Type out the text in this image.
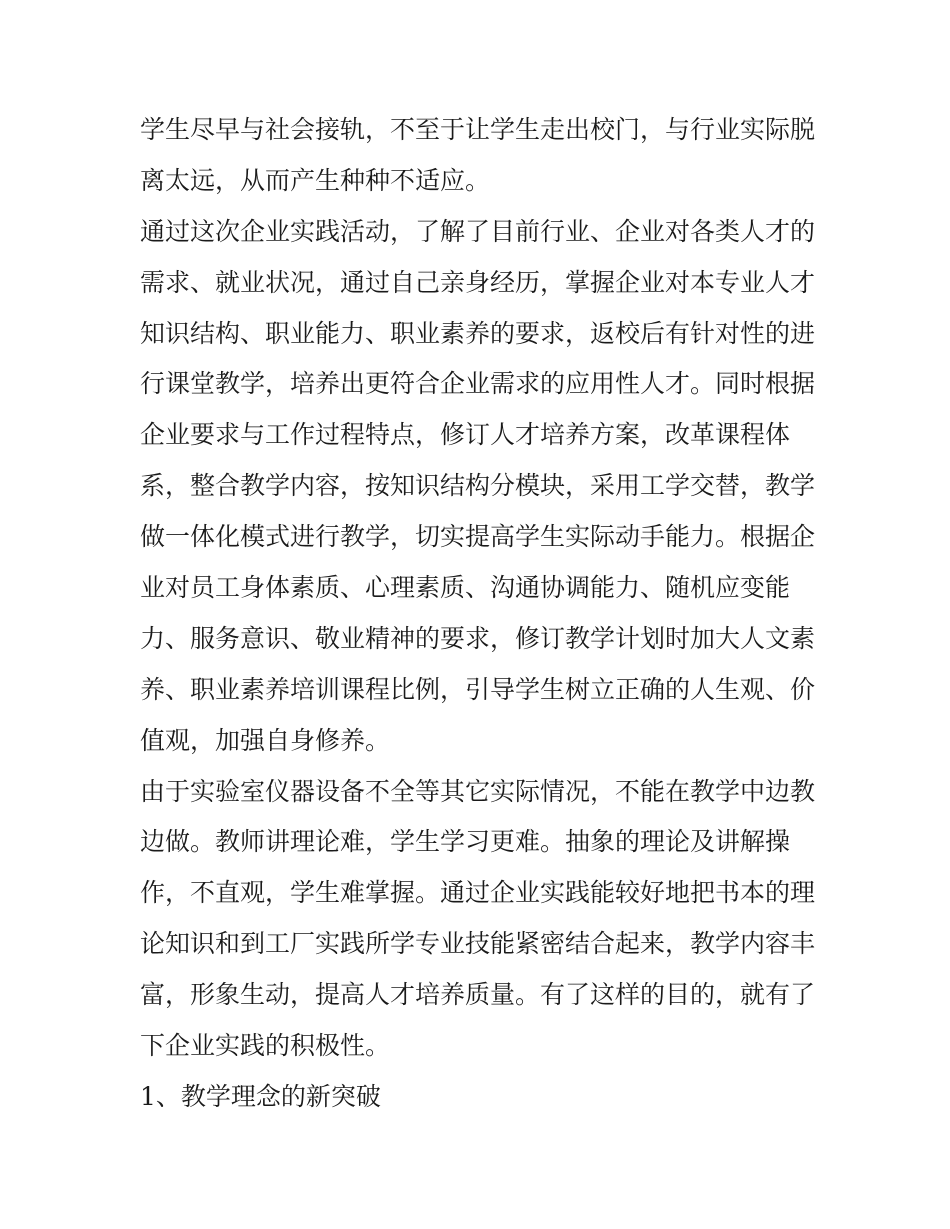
学生尽早与社会接轨，不至于让学生走出校门，与行业实际脱
离太远，从而产生种种不适应。
通过这次企业实践活动，了解了目前行业、企业对各类人才的
需求、就业状况，通过自己亲身经历，掌握企业对本专业人才
知识结构、职业能力、职业素养的要求，返校后有针对性的进
行课堂教学，培养出更符合企业需求的应用性人才。同时根据
企业要求与工作过程特点，修订人才培养方案，改革课程体
系，整合教学内容，按知识结构分模块，采用工学交替，教学
做一体化模式进行教学，切实提高学生实际动手能力。根据企
业对员工身体素质、心理素质、沟通协调能力、随机应变能
力、服务意识、敬业精神的要求，修订教学计划时加大人文素
养、职业素养培训课程比例，引导学生树立正确的人生观、价
值观，加强自身修养。
由于实验室仪器设备不全等其它实际情况，不能在教学中边教
边做。教师讲理论难，学生学习更难。抽象的理论及讲解操
作，不直观，学生难掌握。通过企业实践能较好地把书本的理
论知识和到工厂实践所学专业技能紧密结合起来，教学内容丰
富，形象生动，提高人才培养质量。有了这样的目的，就有了
下企业实践的积极性。
1、教学理念的新突破
